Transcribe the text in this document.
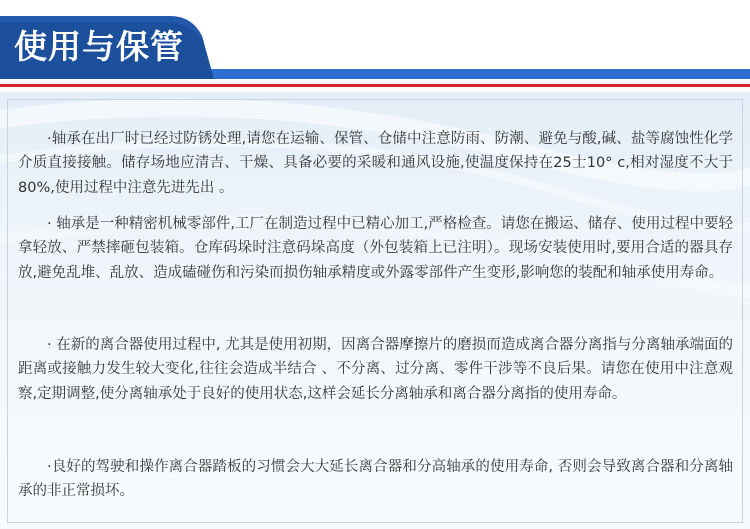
使用与保管

·轴承在出厂时已经过防锈处理,请您在运输、保管、仓储中注意防雨、防潮、避免与酸,碱、盐等腐蚀性化学介质直接接触。储存场地应清吉、干燥、具备必要的采暖和通风设施,使温度保持在25士10° c,相对湿度不大于80%,使用过程中注意先进先出 。

· 轴承是一种精密机械零部件,工厂在制造过程中已精心加工,严格检查。请您在搬运、储存、使用过程中要轻拿轻放、严禁摔砸包装箱。仓库码垛时注意码垛高度（外包装箱上已注明）。现场安装使用时,要用合适的器具存放,避免乱堆、乱放、造成磕碰伤和污染而损伤轴承精度或外露零部件产生变形,影响您的装配和轴承使用寿命。

· 在新的离合器使用过程中, 尤其是使用初期，因离合器摩擦片的磨损而造成离合器分离指与分离轴承端面的距离或接触力发生较大变化,往往会造成半结合 、不分离、过分离、零件干涉等不良后果。请您在使用中注意观察,定期调整,使分离轴承处于良好的使用状态,这样会延长分离轴承和离合器分离指的使用寿命。

·良好的驾驶和操作离合器踏板的习惯会大大延长离合器和分高轴承的使用寿命, 否则会导致离合器和分离轴承的非正常损坏。
